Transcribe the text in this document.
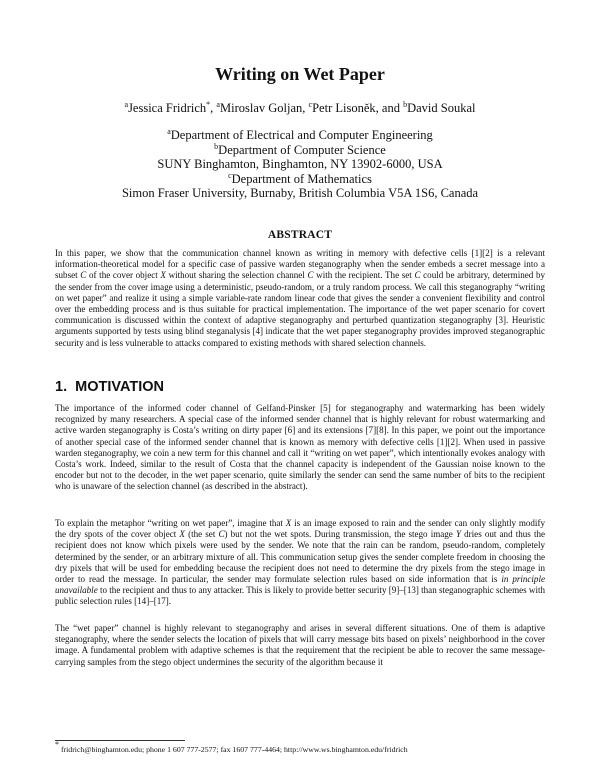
Writing on Wet Paper
$^a$Jessica Fridrich*, $^a$Miroslav Goljan, $^c$Petr Lisoněk, and $^b$David Soukal
$^a$Department of Electrical and Computer Engineering
$^b$Department of Computer Science
SUNY Binghamton, Binghamton, NY 13902-6000, USA
$^c$Department of Mathematics
Simon Fraser University, Burnaby, British Columbia V5A 1S6, Canada
ABSTRACT
In this paper, we show that the communication channel known as writing in memory with defective cells [1][2] is a relevant information-theoretical model for a specific case of passive warden steganography when the sender embeds a secret message into a subset C of the cover object X without sharing the selection channel C with the recipient. The set C could be arbitrary, determined by the sender from the cover image using a deterministic, pseudo-random, or a truly random process. We call this steganography “writing on wet paper” and realize it using a simple variable-rate random linear code that gives the sender a convenient flexibility and control over the embedding process and is thus suitable for practical implementation. The importance of the wet paper scenario for covert communication is discussed within the context of adaptive steganography and perturbed quantization steganography [3]. Heuristic arguments supported by tests using blind steganalysis [4] indicate that the wet paper steganography provides improved steganographic security and is less vulnerable to attacks compared to existing methods with shared selection channels.
1. MOTIVATION
The importance of the informed coder channel of Gelfand-Pinsker [5] for steganography and watermarking has been widely recognized by many researchers. A special case of the informed sender channel that is highly relevant for robust watermarking and active warden steganography is Costa’s writing on dirty paper [6] and its extensions [7][8]. In this paper, we point out the importance of another special case of the informed sender channel that is known as memory with defective cells [1][2]. When used in passive warden steganography, we coin a new term for this channel and call it “writing on wet paper”, which intentionally evokes analogy with Costa’s work. Indeed, similar to the result of Costa that the channel capacity is independent of the Gaussian noise known to the encoder but not to the decoder, in the wet paper scenario, quite similarly the sender can send the same number of bits to the recipient who is unaware of the selection channel (as described in the abstract).
To explain the metaphor “writing on wet paper”, imagine that X is an image exposed to rain and the sender can only slightly modify the dry spots of the cover object X (the set C) but not the wet spots. During transmission, the stego image Y dries out and thus the recipient does not know which pixels were used by the sender. We note that the rain can be random, pseudo-random, completely determined by the sender, or an arbitrary mixture of all. This communication setup gives the sender complete freedom in choosing the dry pixels that will be used for embedding because the recipient does not need to determine the dry pixels from the stego image in order to read the message. In particular, the sender may formulate selection rules based on side information that is in principle unavailable to the recipient and thus to any attacker. This is likely to provide better security [9]–[13] than steganographic schemes with public selection rules [14]–[17].
The “wet paper” channel is highly relevant to steganography and arises in several different situations. One of them is adaptive steganography, where the sender selects the location of pixels that will carry message bits based on pixels’ neighborhood in the cover image. A fundamental problem with adaptive schemes is that the requirement that the recipient be able to recover the same message-carrying samples from the stego object undermines the security of the algorithm because it
* fridrich@binghamton.edu; phone 1 607 777-2577; fax 1607 777-4464; http://www.ws.binghamton.edu/fridrich
